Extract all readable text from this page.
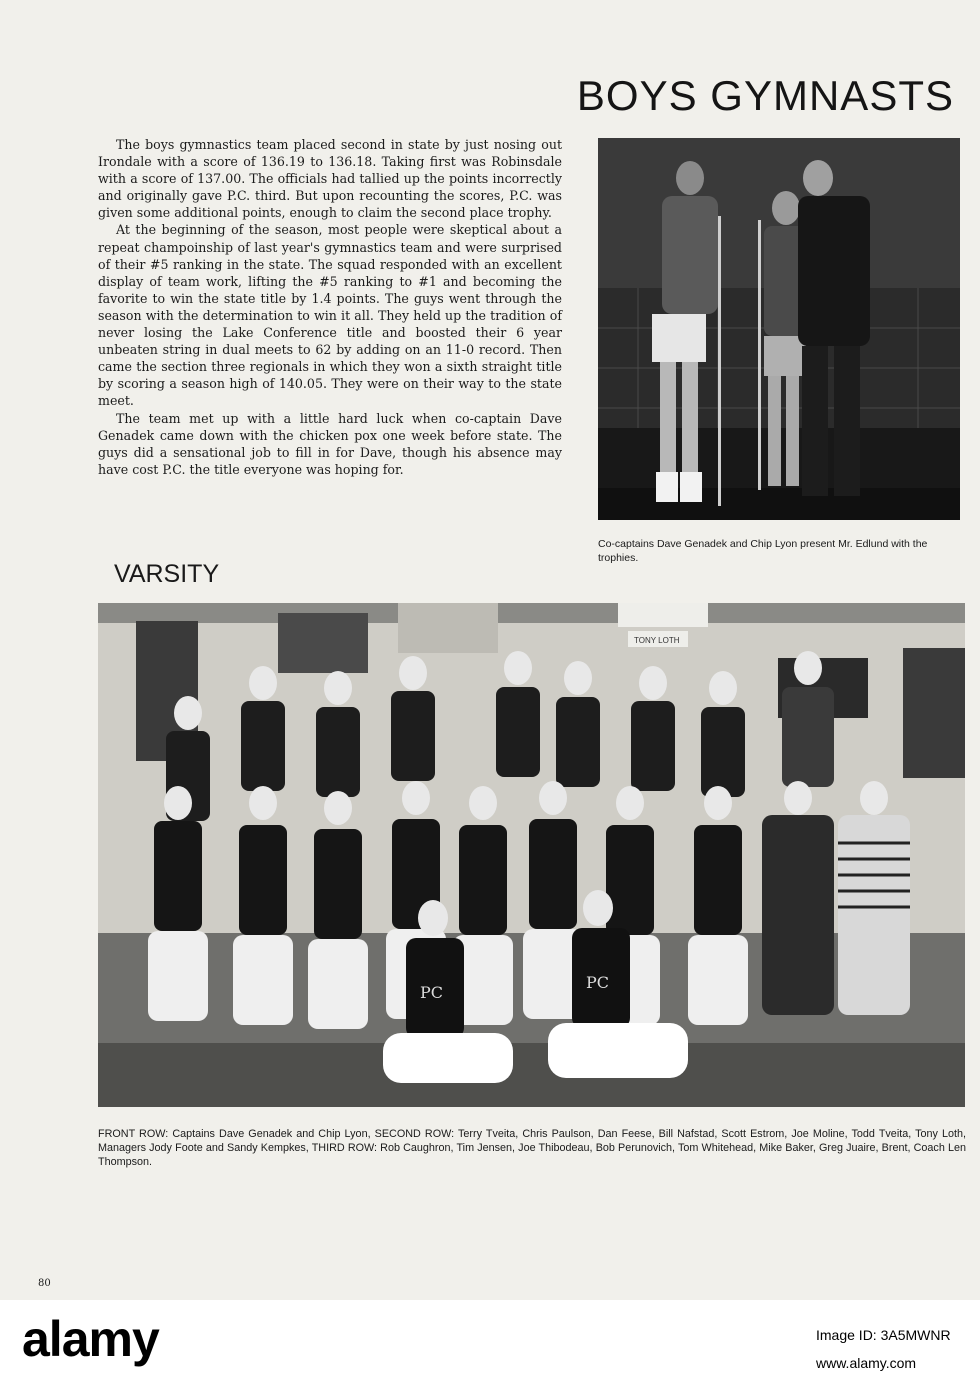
BOYS GYMNASTS

The boys gymnastics team placed second in state by just nosing out Irondale with a score of 136.19 to 136.18. Taking first was Robinsdale with a score of 137.00. The officials had tallied up the points incorrectly and originally gave P.C. third. But upon recounting the scores, P.C. was given some additional points, enough to claim the second place trophy.

At the beginning of the season, most people were skeptical about a repeat champoinship of last year's gymnastics team and were surprised of their #5 ranking in the state. The squad responded with an excellent display of team work, lifting the #5 ranking to #1 and becoming the favorite to win the state title by 1.4 points. The guys went through the season with the determination to win it all. They held up the tradition of never losing the Lake Conference title and boosted their 6 year unbeaten string in dual meets to 62 by adding on an 11-0 record. Then came the section three regionals in which they won a sixth straight title by scoring a season high of 140.05. They were on their way to the state meet.

The team met up with a little hard luck when co-captain Dave Genadek came down with the chicken pox one week before state. The guys did a sensational job to fill in for Dave, though his absence may have cost P.C. the title everyone was hoping for.

Co-captains Dave Genadek and Chip Lyon present Mr. Edlund with the trophies.
VARSITY
TONY LOTH
PC
PC
FRONT ROW: Captains Dave Genadek and Chip Lyon, SECOND ROW: Terry Tveita, Chris Paulson, Dan Feese, Bill Nafstad, Scott Estrom, Joe Moline, Todd Tveita, Tony Loth, Managers Jody Foote and Sandy Kempkes, THIRD ROW: Rob Caughron, Tim Jensen, Joe Thibodeau, Bob Perunovich, Tom Whitehead, Mike Baker, Greg Juaire, Brent, Coach Len Thompson.
80
alamy	Image ID: 3A5MWNR
www.alamy.com
